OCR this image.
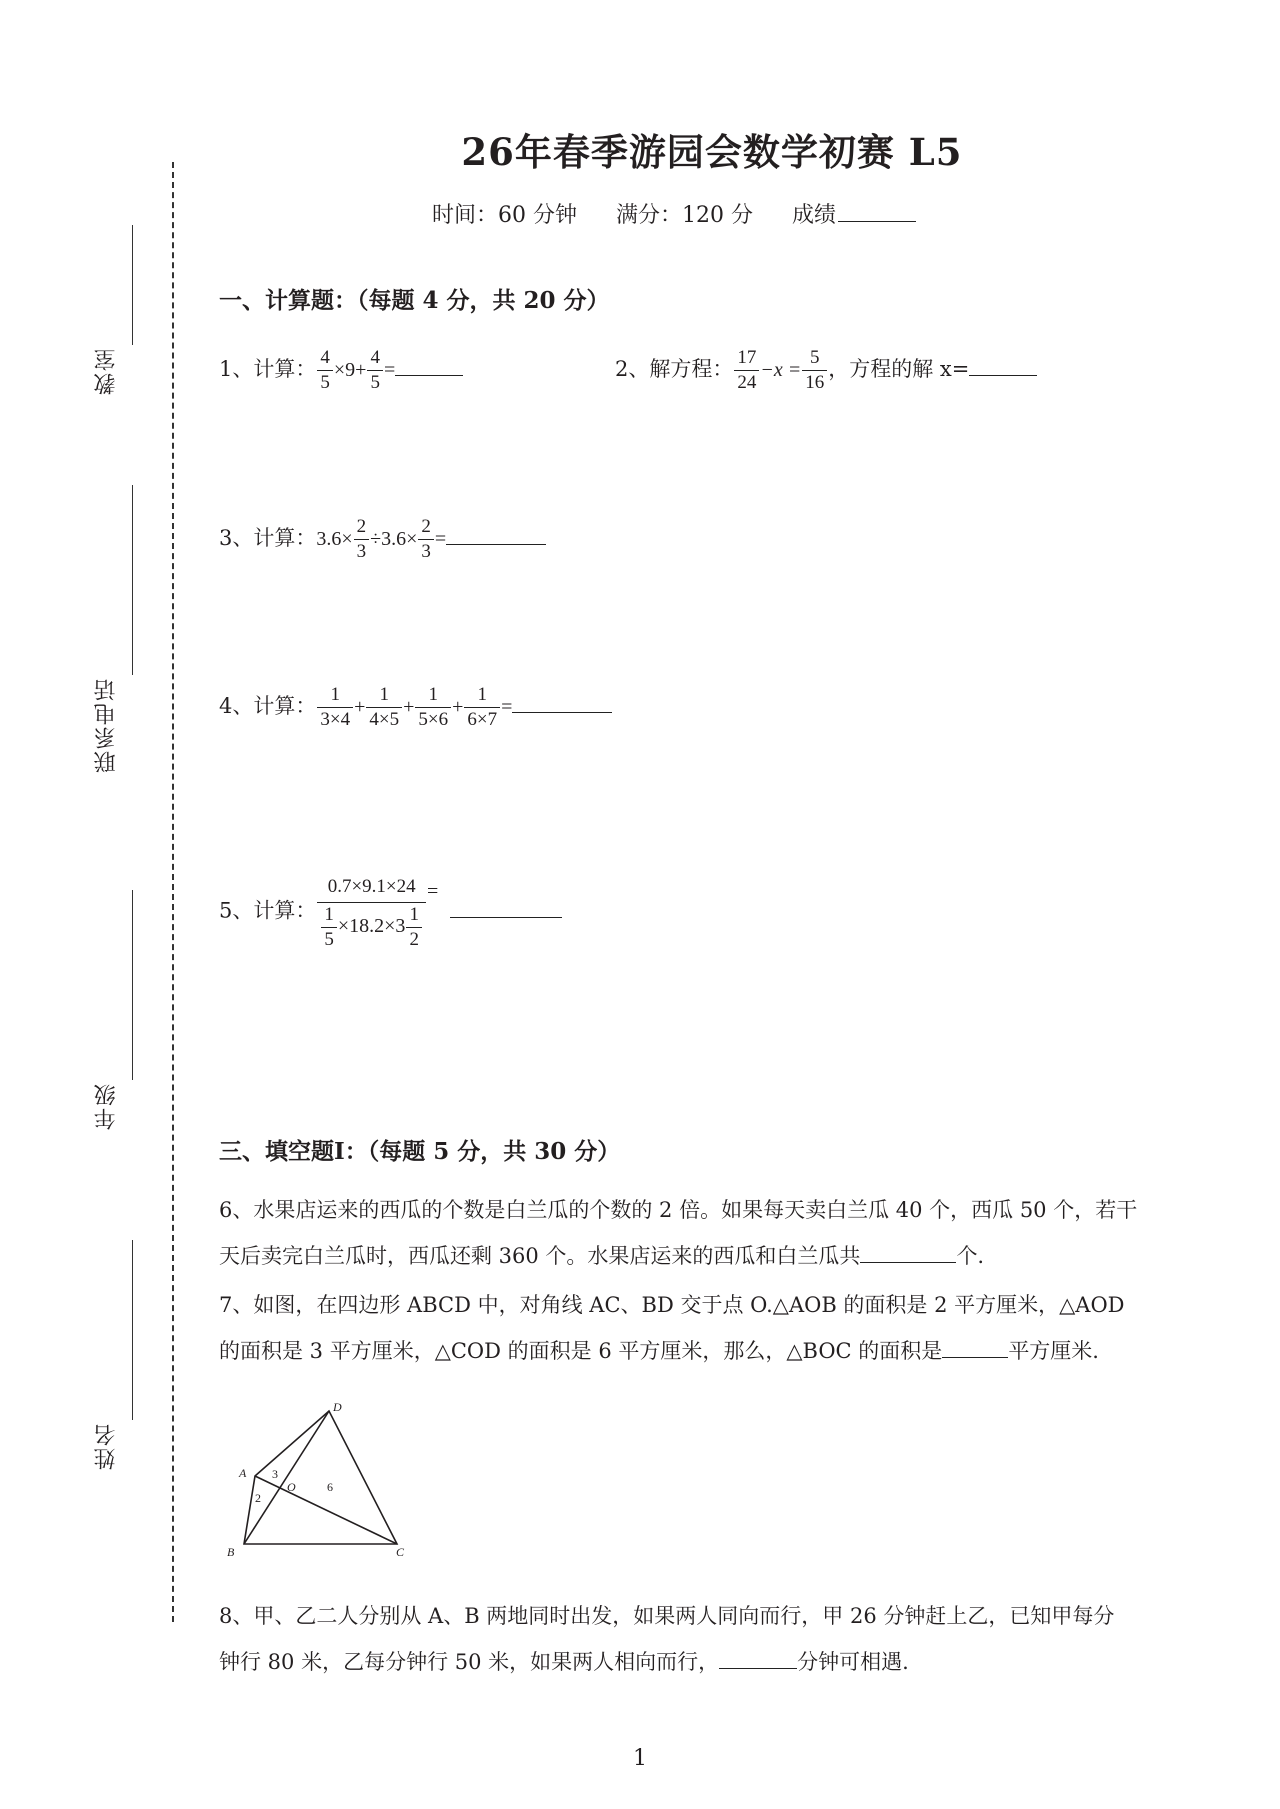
教室
联系电话
年级
姓名
26年春季游园会数学初赛 L5
时间：60 分钟 满分：120 分 成绩
一、计算题：（每题 4 分，共 20 分）
1、计算： $\frac{4}{5} \times 9+ \frac{4}{5}$ =	2、解方程： $\frac{17}{24} -x = \frac{5}{16}$ ，方程的解 x=
3、计算：$3.6\times \frac{2}{3} \div 3.6\times \frac{2}{3}$ =
4、计算： $\frac{1}{3\times 4} + \frac{1}{4\times 5} + \frac{1}{5\times 6} + \frac{1}{6\times 7}$ =
5、计算： $\frac{0.7\times 9.1\times 24}{\frac{1}{5} \times 18.2\times 3 \frac{1}{2}}$ =
三、填空题Ⅰ：（每题 5 分，共 30 分）
6、水果店运来的西瓜的个数是白兰瓜的个数的 2 倍。如果每天卖白兰瓜 40 个，西瓜 50 个，若干
天后卖完白兰瓜时，西瓜还剩 360 个。水果店运来的西瓜和白兰瓜共	个.
7、如图，在四边形 ABCD 中，对角线 AC、BD 交于点 O.△AOB 的面积是 2 平方厘米，△AOD
的面积是 3 平方厘米，△COD 的面积是 6 平方厘米，那么，△BOC 的面积是	平方厘米.
D
A
B	C
O
3
2
6
8、甲、乙二人分别从 A、B 两地同时出发，如果两人同向而行，甲 26 分钟赶上乙，已知甲每分
钟行 80 米，乙每分钟行 50 米，如果两人相向而行，	分钟可相遇.
1
